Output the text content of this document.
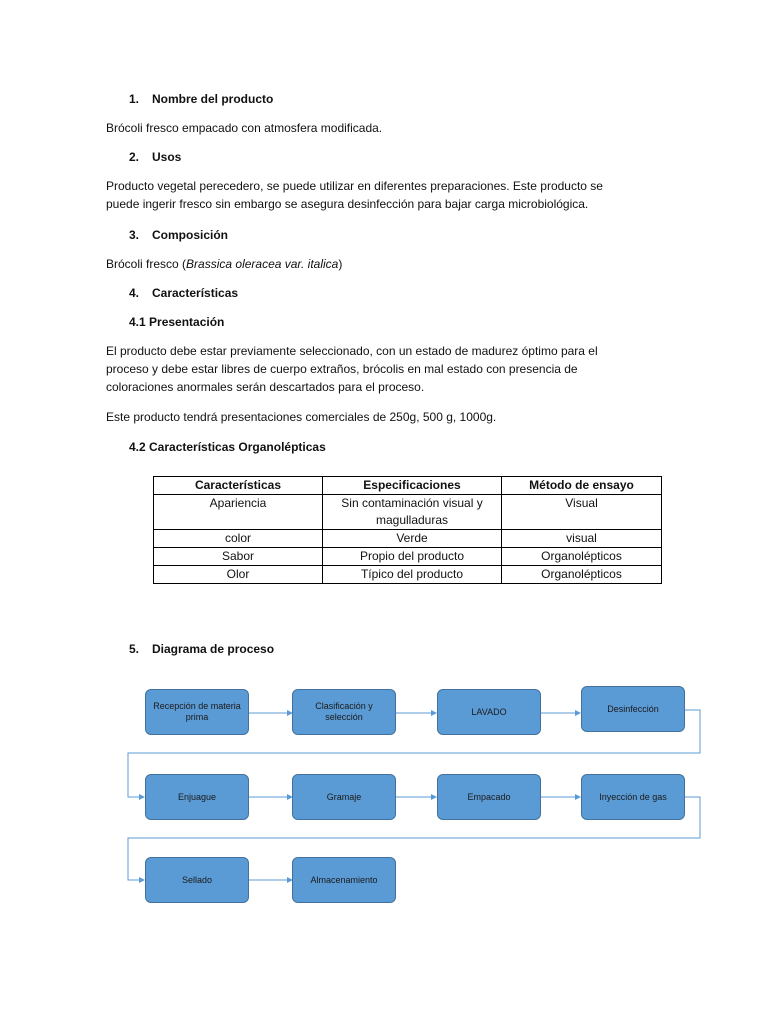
1. Nombre del producto
Brócoli fresco empacado con atmosfera modificada.
2. Usos
Producto vegetal perecedero, se puede utilizar en diferentes preparaciones. Este producto se
puede ingerir fresco sin embargo se asegura desinfección para bajar carga microbiológica.
3. Composición
Brócoli fresco (Brassica oleracea var. italica)
4. Características
4.1 Presentación
El producto debe estar previamente seleccionado, con un estado de madurez óptimo para el
proceso y debe estar libres de cuerpo extraños, brócolis en mal estado con presencia de
coloraciones anormales serán descartados para el proceso.
Este producto tendrá presentaciones comerciales de 250g, 500 g, 1000g.
4.2 Características Organolépticas
Características	Especificaciones	Método de ensayo
Apariencia	Sin contaminación visual y magulladuras	Visual
color	Verde	visual
Sabor	Propio del producto	Organolépticos
Olor	Típico del producto	Organolépticos
5. Diagrama de proceso
Recepción de materia prima
Clasificación y selección
LAVADO	Desinfección
Enjuague	Gramaje	Empacado	Inyección de gas
Sellado	Almacenamiento
